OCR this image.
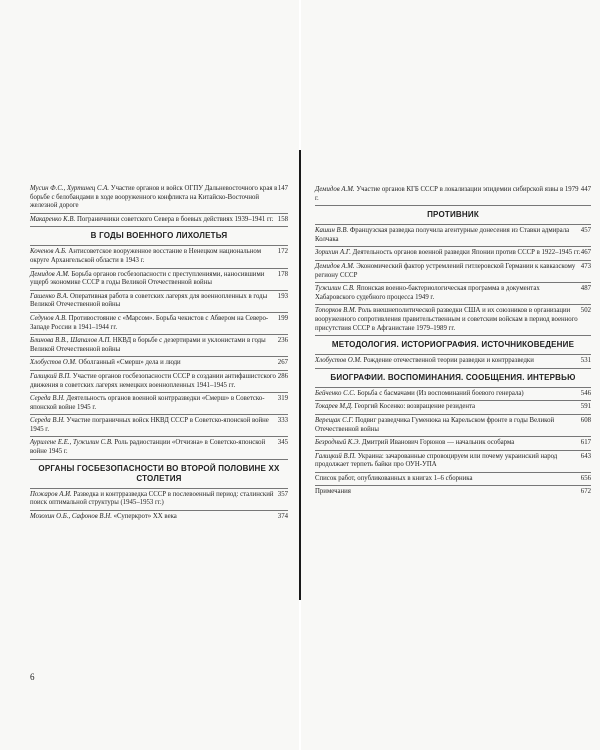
147
Мусин Ф.С., Хуртинец С.А. Участие органов и войск ОГПУ Дальневосточного края в борьбе с белобандами в ходе вооруженного конфликта на Китайско-Восточной железной дороге
158
Макаренко К.В. Пограничники советского Севера в боевых действиях 1939–1941 гг.
В ГОДЫ ВОЕННОГО ЛИХОЛЕТЬЯ
172
Коченов А.Б. Антисоветское вооруженное восстание в Ненецком национальном округе Архангельской области в 1943 г.
178
Демидов А.М. Борьба органов госбезопасности с преступлениями, наносившими ущерб экономике СССР в годы Великой Отечественной войны
193
Гашенко В.А. Оперативная работа в советских лагерях для военнопленных в годы Великой Отечественной войны
199
Седунов А.В. Противостояние с «Марсом». Борьба чекистов с Абвером на Северо-Западе России в 1941–1944 гг.
236
Блинова В.В., Шапалов А.П. НКВД в борьбе с дезертирами и уклонистами в годы Великой Отечественной войны
267
Хлобустов О.М. Оболганный «Смерш» дела и люди
286
Галицкий В.П. Участие органов госбезопасности СССР в создании антифашистского движения в советских лагерях немецких военнопленных 1941–1945 гг.
319
Середа В.Н. Деятельность органов военной контрразведки «Смерш» в Советско-японской войне 1945 г.
333
Середа В.Н. Участие пограничных войск НКВД СССР в Советско-японской войне 1945 г.
345
Аурилене Е.Е., Тужилин С.В. Роль радиостанции «Отчизна» в Советско-японской войне 1945 г.
ОРГАНЫ ГОСБЕЗОПАСНОСТИ ВО ВТОРОЙ ПОЛОВИНЕ XX СТОЛЕТИЯ
357
Пожаров А.И. Разведка и контрразведка СССР в послевоенный период: сталинский поиск оптимальной структуры (1945–1953 гг.)
374
Мозохин О.Б., Сафонов В.Н. «Суперкрот» XX века
6
447
Демидов А.М. Участие органов КГБ СССР в локализации эпидемии сибирской язвы в 1979 г.
ПРОТИВНИК
457
Кашин В.В. Французская разведка получила агентурные донесения из Ставки адмирала Колчака
467
Зорихин А.Г. Деятельность органов военной разведки Японии против СССР в 1922–1945 гг.
473
Демидов А.М. Экономический фактор устремлений гитлеровской Германии к кавказскому региону СССР
487
Тужилин С.В. Японская военно-бактериологическая программа в документах Хабаровского судебного процесса 1949 г.
502
Топорков В.М. Роль внешнеполитической разведки США и их союзников в организации вооруженного сопротивления правительственным и советским войскам в период военного присутствия СССР в Афганистане 1979–1989 гг.
МЕТОДОЛОГИЯ. ИСТОРИОГРАФИЯ. ИСТОЧНИКОВЕДЕНИЕ
531
Хлобустов О.М. Рождение отечественной теории разведки и контрразведки
БИОГРАФИИ. ВОСПОМИНАНИЯ. СООБЩЕНИЯ. ИНТЕРВЬЮ
546
Бейченко С.С. Борьба с басмачами (Из воспоминаний боевого генерала)
591
Токарев М.Д. Георгий Косенко: возвращение резидента
608
Верещак С.Г. Подвиг разведчика Гуменюка на Карельском фронте в годы Великой Отечественной войны
617
Безродный К.Э. Дмитрий Иванович Горюнов — начальник особарма
643
Галицкий В.П. Украина: зачарованные спровоцируем или почему украинский народ продолжает терпеть байки про ОУН-УПА
656
Список работ, опубликованных в книгах 1–6 сборника
672
Примечания
